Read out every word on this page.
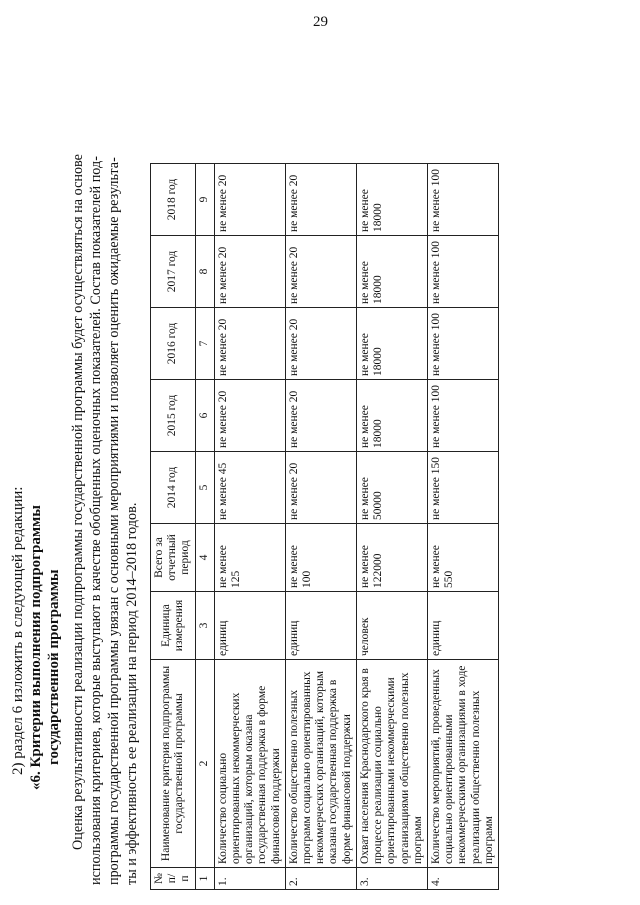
29
2) раздел 6 изложить в следующей редакции: «6. Критерии выполнения подпрограммы государственной программы Оценка результативности реализации подпрограммы государственной программы будет осуществляться на основе использования критериев, которые выступают в качестве обобщенных оценочных показателей. Состав показателей под- программы государственной программы увязан с основными мероприятиями и позволяет оценить ожидаемые результа- ты и эффективность ее реализации на период 2014–2018 годов. № п/п	Наименование критерия подпрограммы государственной программы	Единица измерения	Всего за отчетный период	2014 год	2015 год	2016 год	2017 год	2018 год
1	2	3	4	5	6	7	8	9
1.	Количество социально ориентированных некоммерческих организаций, которым оказана государственная поддержка в форме финансовой поддержки	единиц	не менее 125	не менее 45	не менее 20	не менее 20	не менее 20	не менее 20
2.	Количество общественно полезных программ социально ориентированных некоммерческих организаций, которым оказана государственная поддержка в форме финансовой поддержки	единиц	не менее 100	не менее 20	не менее 20	не менее 20	не менее 20	не менее 20
3.	Охват населения Краснодарского края в процессе реализации социально ориентированными некоммерческими организациями общественно полезных программ	человек	не менее 122000	не менее 50000	не менее 18000	не менее 18000	не менее 18000	не менее 18000
4.	Количество мероприятий, проведенных социально ориентированными некоммерческими организациями в ходе реализации общественно полезных программ	единиц	не менее 550	не менее 150	не менее 100	не менее 100	не менее 100	не менее 100
